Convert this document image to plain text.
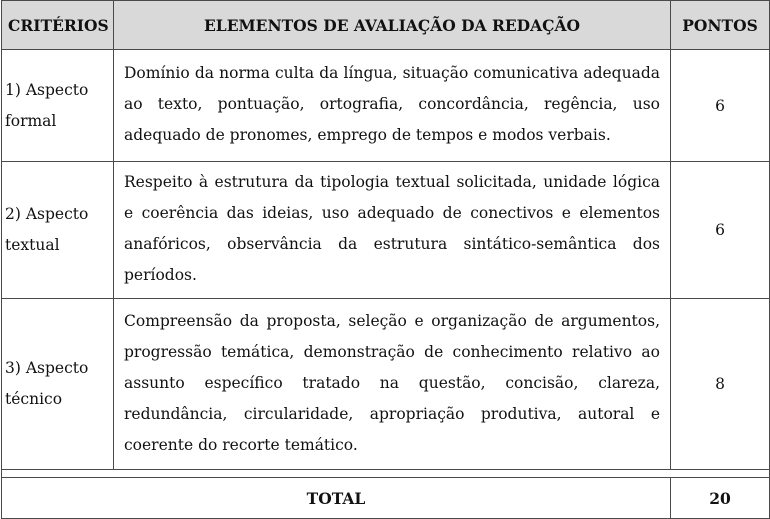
CRITÉRIOS	ELEMENTOS DE AVALIAÇÃO DA REDAÇÃO	PONTOS
1) Aspecto formal	Domínio da norma culta da língua, situação comunicativa adequada ao texto, pontuação, ortografia, concordância, regência, uso adequado de pronomes, emprego de tempos e modos verbais.	6
2) Aspecto textual	Respeito à estrutura da tipologia textual solicitada, unidade lógica e coerência das ideias, uso adequado de conectivos e elementos anafóricos, observância da estrutura sintático-semântica dos períodos.	6
3) Aspecto técnico	Compreensão da proposta, seleção e organização de argumentos, progressão temática, demonstração de conhecimento relativo ao assunto específico tratado na questão, concisão, clareza, redundância, circularidade, apropriação produtiva, autoral e coerente do recorte temático.	8

TOTAL		20
